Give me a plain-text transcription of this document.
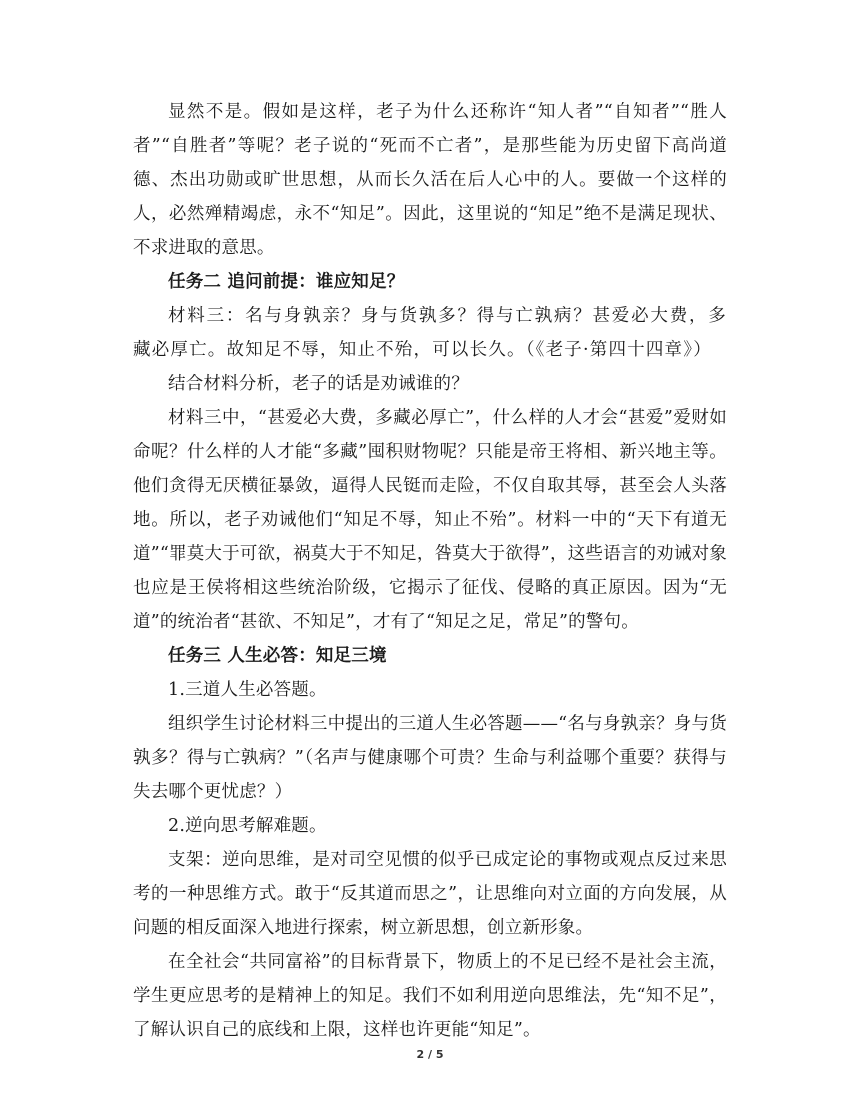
显然不是。假如是这样，老子为什么还称许“知人者”“自知者”“胜人者”“自胜者”等呢？老子说的“死而不亡者”，是那些能为历史留下高尚道德、杰出功勋或旷世思想，从而长久活在后人心中的人。要做一个这样的人，必然殚精竭虑，永不“知足”。因此，这里说的“知足”绝不是满足现状、不求进取的意思。

任务二 追问前提：谁应知足？

材料三：名与身孰亲？身与货孰多？得与亡孰病？甚爱必大费，多藏必厚亡。故知足不辱，知止不殆，可以长久。（《老子·第四十四章》）

结合材料分析，老子的话是劝诫谁的？

材料三中，“甚爱必大费，多藏必厚亡”，什么样的人才会“甚爱”爱财如命呢？什么样的人才能“多藏”囤积财物呢？只能是帝王将相、新兴地主等。他们贪得无厌横征暴敛，逼得人民铤而走险，不仅自取其辱，甚至会人头落地。所以，老子劝诫他们“知足不辱，知止不殆”。材料一中的“天下有道无道”“罪莫大于可欲，祸莫大于不知足，咎莫大于欲得”，这些语言的劝诫对象也应是王侯将相这些统治阶级，它揭示了征伐、侵略的真正原因。因为“无道”的统治者“甚欲、不知足”，才有了“知足之足，常足”的警句。

任务三 人生必答：知足三境

1.三道人生必答题。

组织学生讨论材料三中提出的三道人生必答题——“名与身孰亲？身与货孰多？得与亡孰病？”（名声与健康哪个可贵？生命与利益哪个重要？获得与失去哪个更忧虑？）

2.逆向思考解难题。

支架：逆向思维，是对司空见惯的似乎已成定论的事物或观点反过来思考的一种思维方式。敢于“反其道而思之”，让思维向对立面的方向发展，从问题的相反面深入地进行探索，树立新思想，创立新形象。

在全社会“共同富裕”的目标背景下，物质上的不足已经不是社会主流，学生更应思考的是精神上的知足。我们不如利用逆向思维法，先“知不足”，了解认识自己的底线和上限，这样也许更能“知足”。

2 / 5
